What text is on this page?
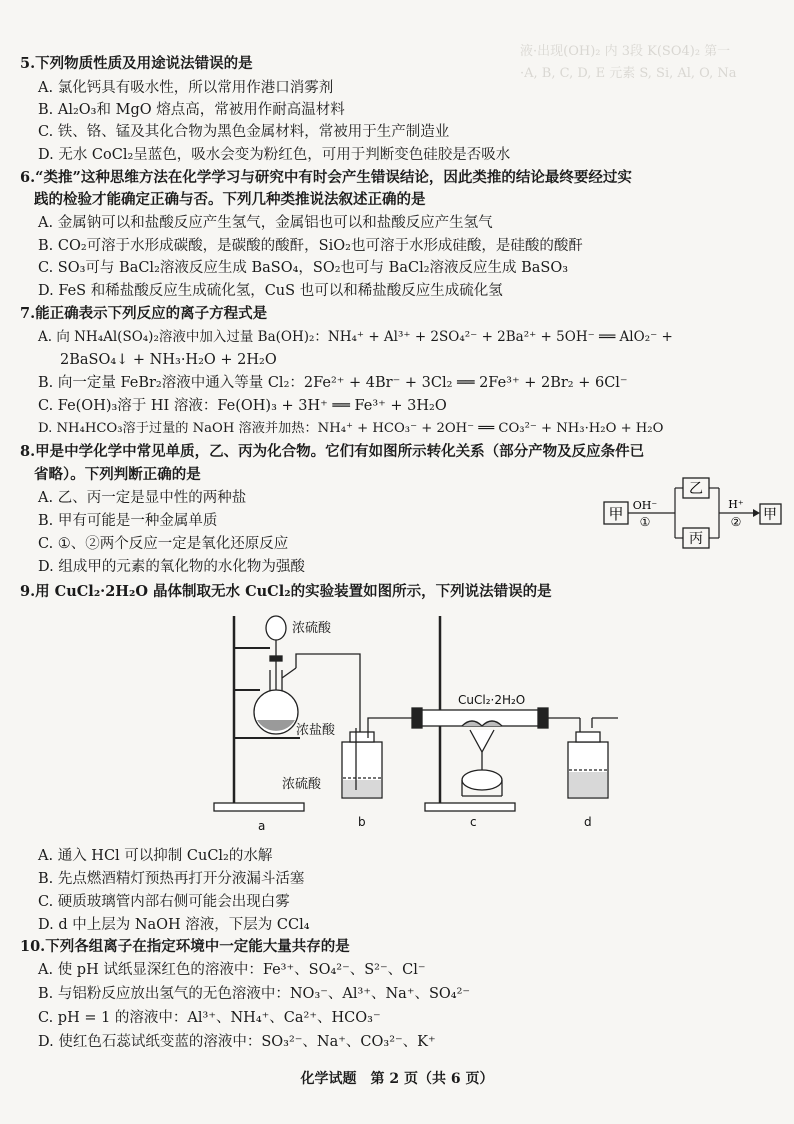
液·出现(OH)₂ 内 3段 K(SO4)₂ 第一
·A, B, C, D, E 元素 S, Si, Al, O, Na
5.下列物质性质及用途说法错误的是
A. 氯化钙具有吸水性，所以常用作港口消雾剂
B. Al₂O₃和 MgO 熔点高，常被用作耐高温材料
C. 铁、铬、锰及其化合物为黑色金属材料，常被用于生产制造业
D. 无水 CoCl₂呈蓝色，吸水会变为粉红色，可用于判断变色硅胶是否吸水
6.“类推”这种思维方法在化学学习与研究中有时会产生错误结论，因此类推的结论最终要经过实
践的检验才能确定正确与否。下列几种类推说法叙述正确的是
A. 金属钠可以和盐酸反应产生氢气，金属铝也可以和盐酸反应产生氢气
B. CO₂可溶于水形成碳酸，是碳酸的酸酐，SiO₂也可溶于水形成硅酸，是硅酸的酸酐
C. SO₃可与 BaCl₂溶液反应生成 BaSO₄，SO₂也可与 BaCl₂溶液反应生成 BaSO₃
D. FeS 和稀盐酸反应生成硫化氢，CuS 也可以和稀盐酸反应生成硫化氢
7.能正确表示下列反应的离子方程式是
A. 向 NH₄Al(SO₄)₂溶液中加入过量 Ba(OH)₂：NH₄⁺ + Al³⁺ + 2SO₄²⁻ + 2Ba²⁺ + 5OH⁻ ══ AlO₂⁻ +
2BaSO₄↓ + NH₃·H₂O + 2H₂O
B. 向一定量 FeBr₂溶液中通入等量 Cl₂：2Fe²⁺ + 4Br⁻ + 3Cl₂ ══ 2Fe³⁺ + 2Br₂ + 6Cl⁻
C. Fe(OH)₃溶于 HI 溶液：Fe(OH)₃ + 3H⁺ ══ Fe³⁺ + 3H₂O
D. NH₄HCO₃溶于过量的 NaOH 溶液并加热：NH₄⁺ + HCO₃⁻ + 2OH⁻ ══ CO₃²⁻ + NH₃·H₂O + H₂O
8.甲是中学化学中常见单质，乙、丙为化合物。它们有如图所示转化关系（部分产物及反应条件已
省略）。下列判断正确的是
A. 乙、丙一定是显中性的两种盐
B. 甲有可能是一种金属单质
C. ①、②两个反应一定是氧化还原反应
D. 组成甲的元素的氧化物的水化物为强酸
甲 OH⁻
①
乙
丙
H⁺
② 甲
9.用 CuCl₂·2H₂O 晶体制取无水 CuCl₂的实验装置如图所示，下列说法错误的是
浓硫酸
浓盐酸
浓硫酸
CuCl₂·2H₂O
a	b	c	d
A. 通入 HCl 可以抑制 CuCl₂的水解
B. 先点燃酒精灯预热再打开分液漏斗活塞
C. 硬质玻璃管内部右侧可能会出现白雾
D. d 中上层为 NaOH 溶液，下层为 CCl₄
10.下列各组离子在指定环境中一定能大量共存的是
A. 使 pH 试纸显深红色的溶液中：Fe³⁺、SO₄²⁻、S²⁻、Cl⁻
B. 与铝粉反应放出氢气的无色溶液中：NO₃⁻、Al³⁺、Na⁺、SO₄²⁻
C. pH = 1 的溶液中：Al³⁺、NH₄⁺、Ca²⁺、HCO₃⁻
D. 使红色石蕊试纸变蓝的溶液中：SO₃²⁻、Na⁺、CO₃²⁻、K⁺
化学试题　第 2 页（共 6 页）
